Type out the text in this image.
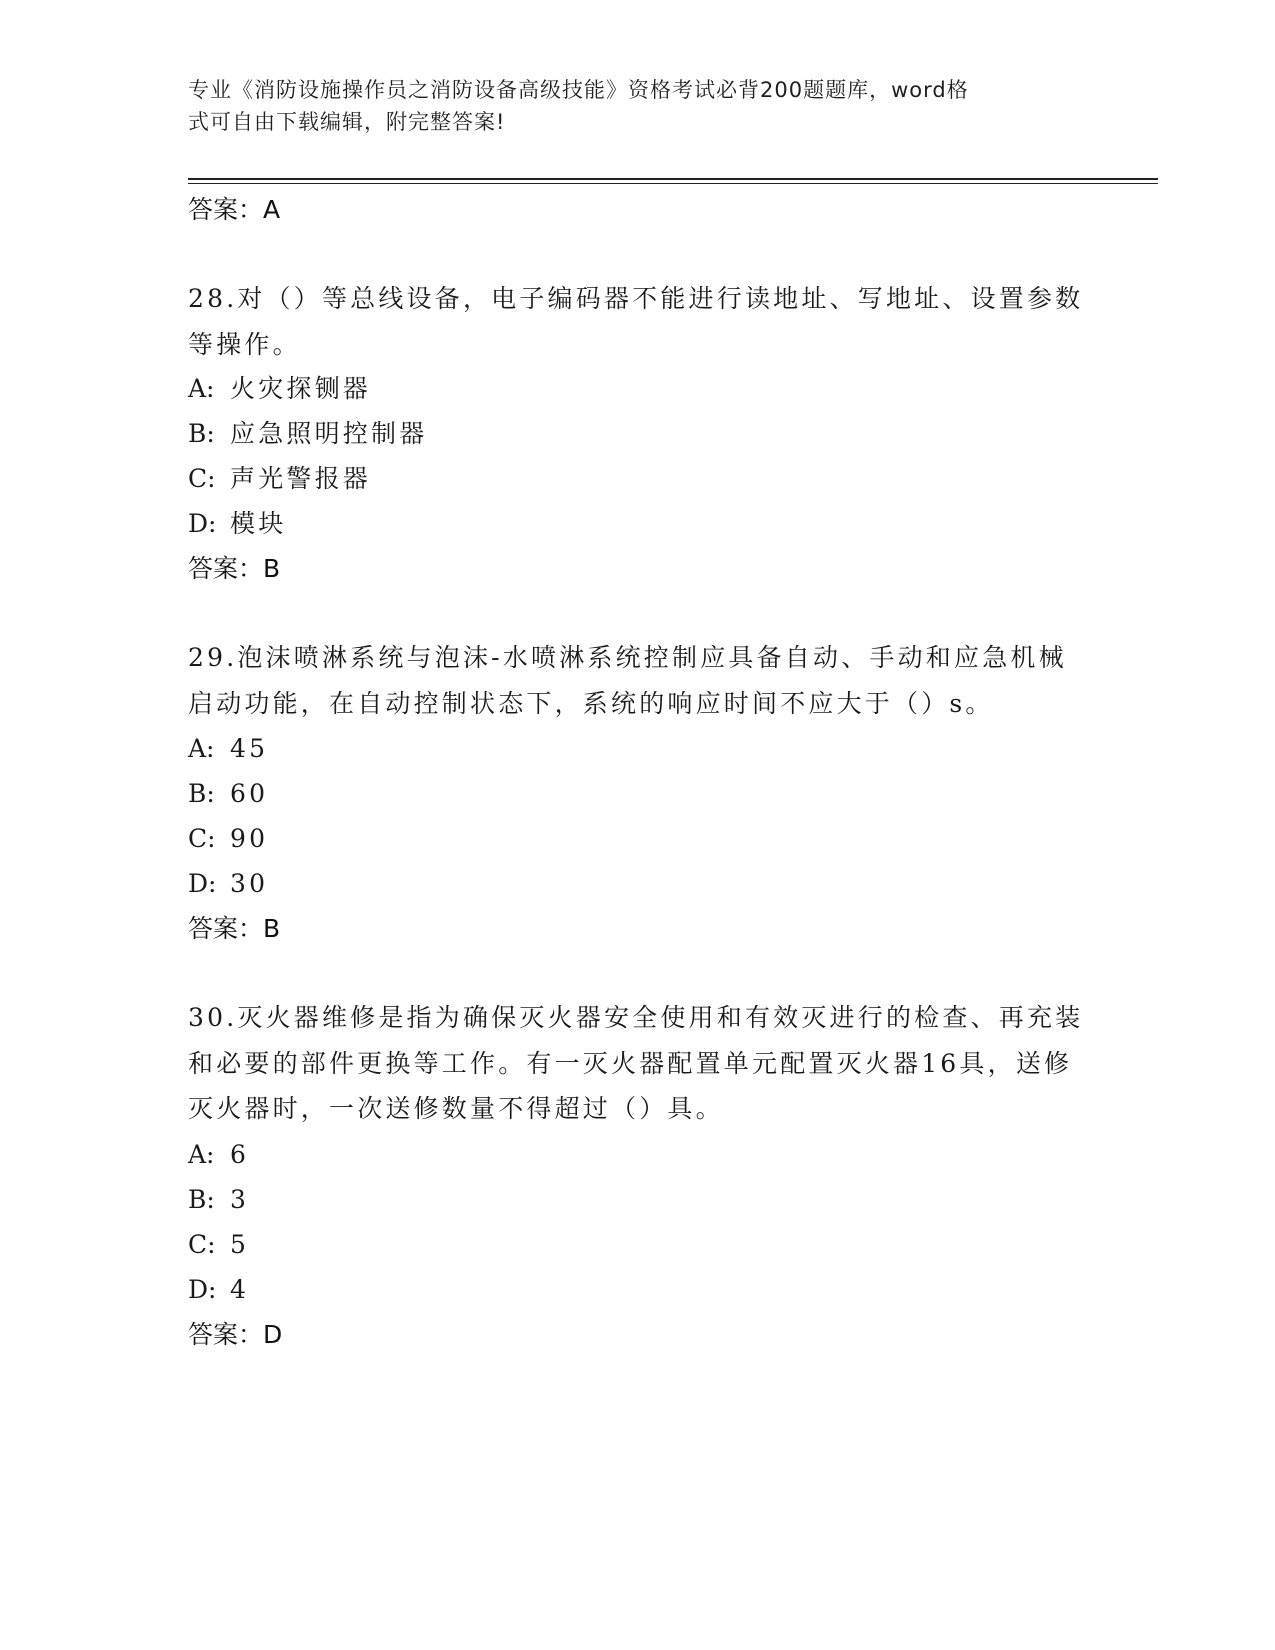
专业《消防设施操作员之消防设备高级技能》资格考试必背200题题库，word格
式可自由下载编辑，附完整答案!
答案：A
28.对（）等总线设备，电子编码器不能进行读地址、写地址、设置参数等操作。
A: 火灾探铡器
B: 应急照明控制器
C: 声光警报器
D: 模块
答案：B
29.泡沫喷淋系统与泡沫-水喷淋系统控制应具备自动、手动和应急机械启动功能，在自动控制状态下，系统的响应时间不应大于（）s。
A: 45
B: 60
C: 90
D: 30
答案：B
30.灭火器维修是指为确保灭火器安全使用和有效灭进行的检查、再充装和必要的部件更换等工作。有一灭火器配置单元配置灭火器16具，送修灭火器时，一次送修数量不得超过（）具。
A: 6
B: 3
C: 5
D: 4
答案：D
